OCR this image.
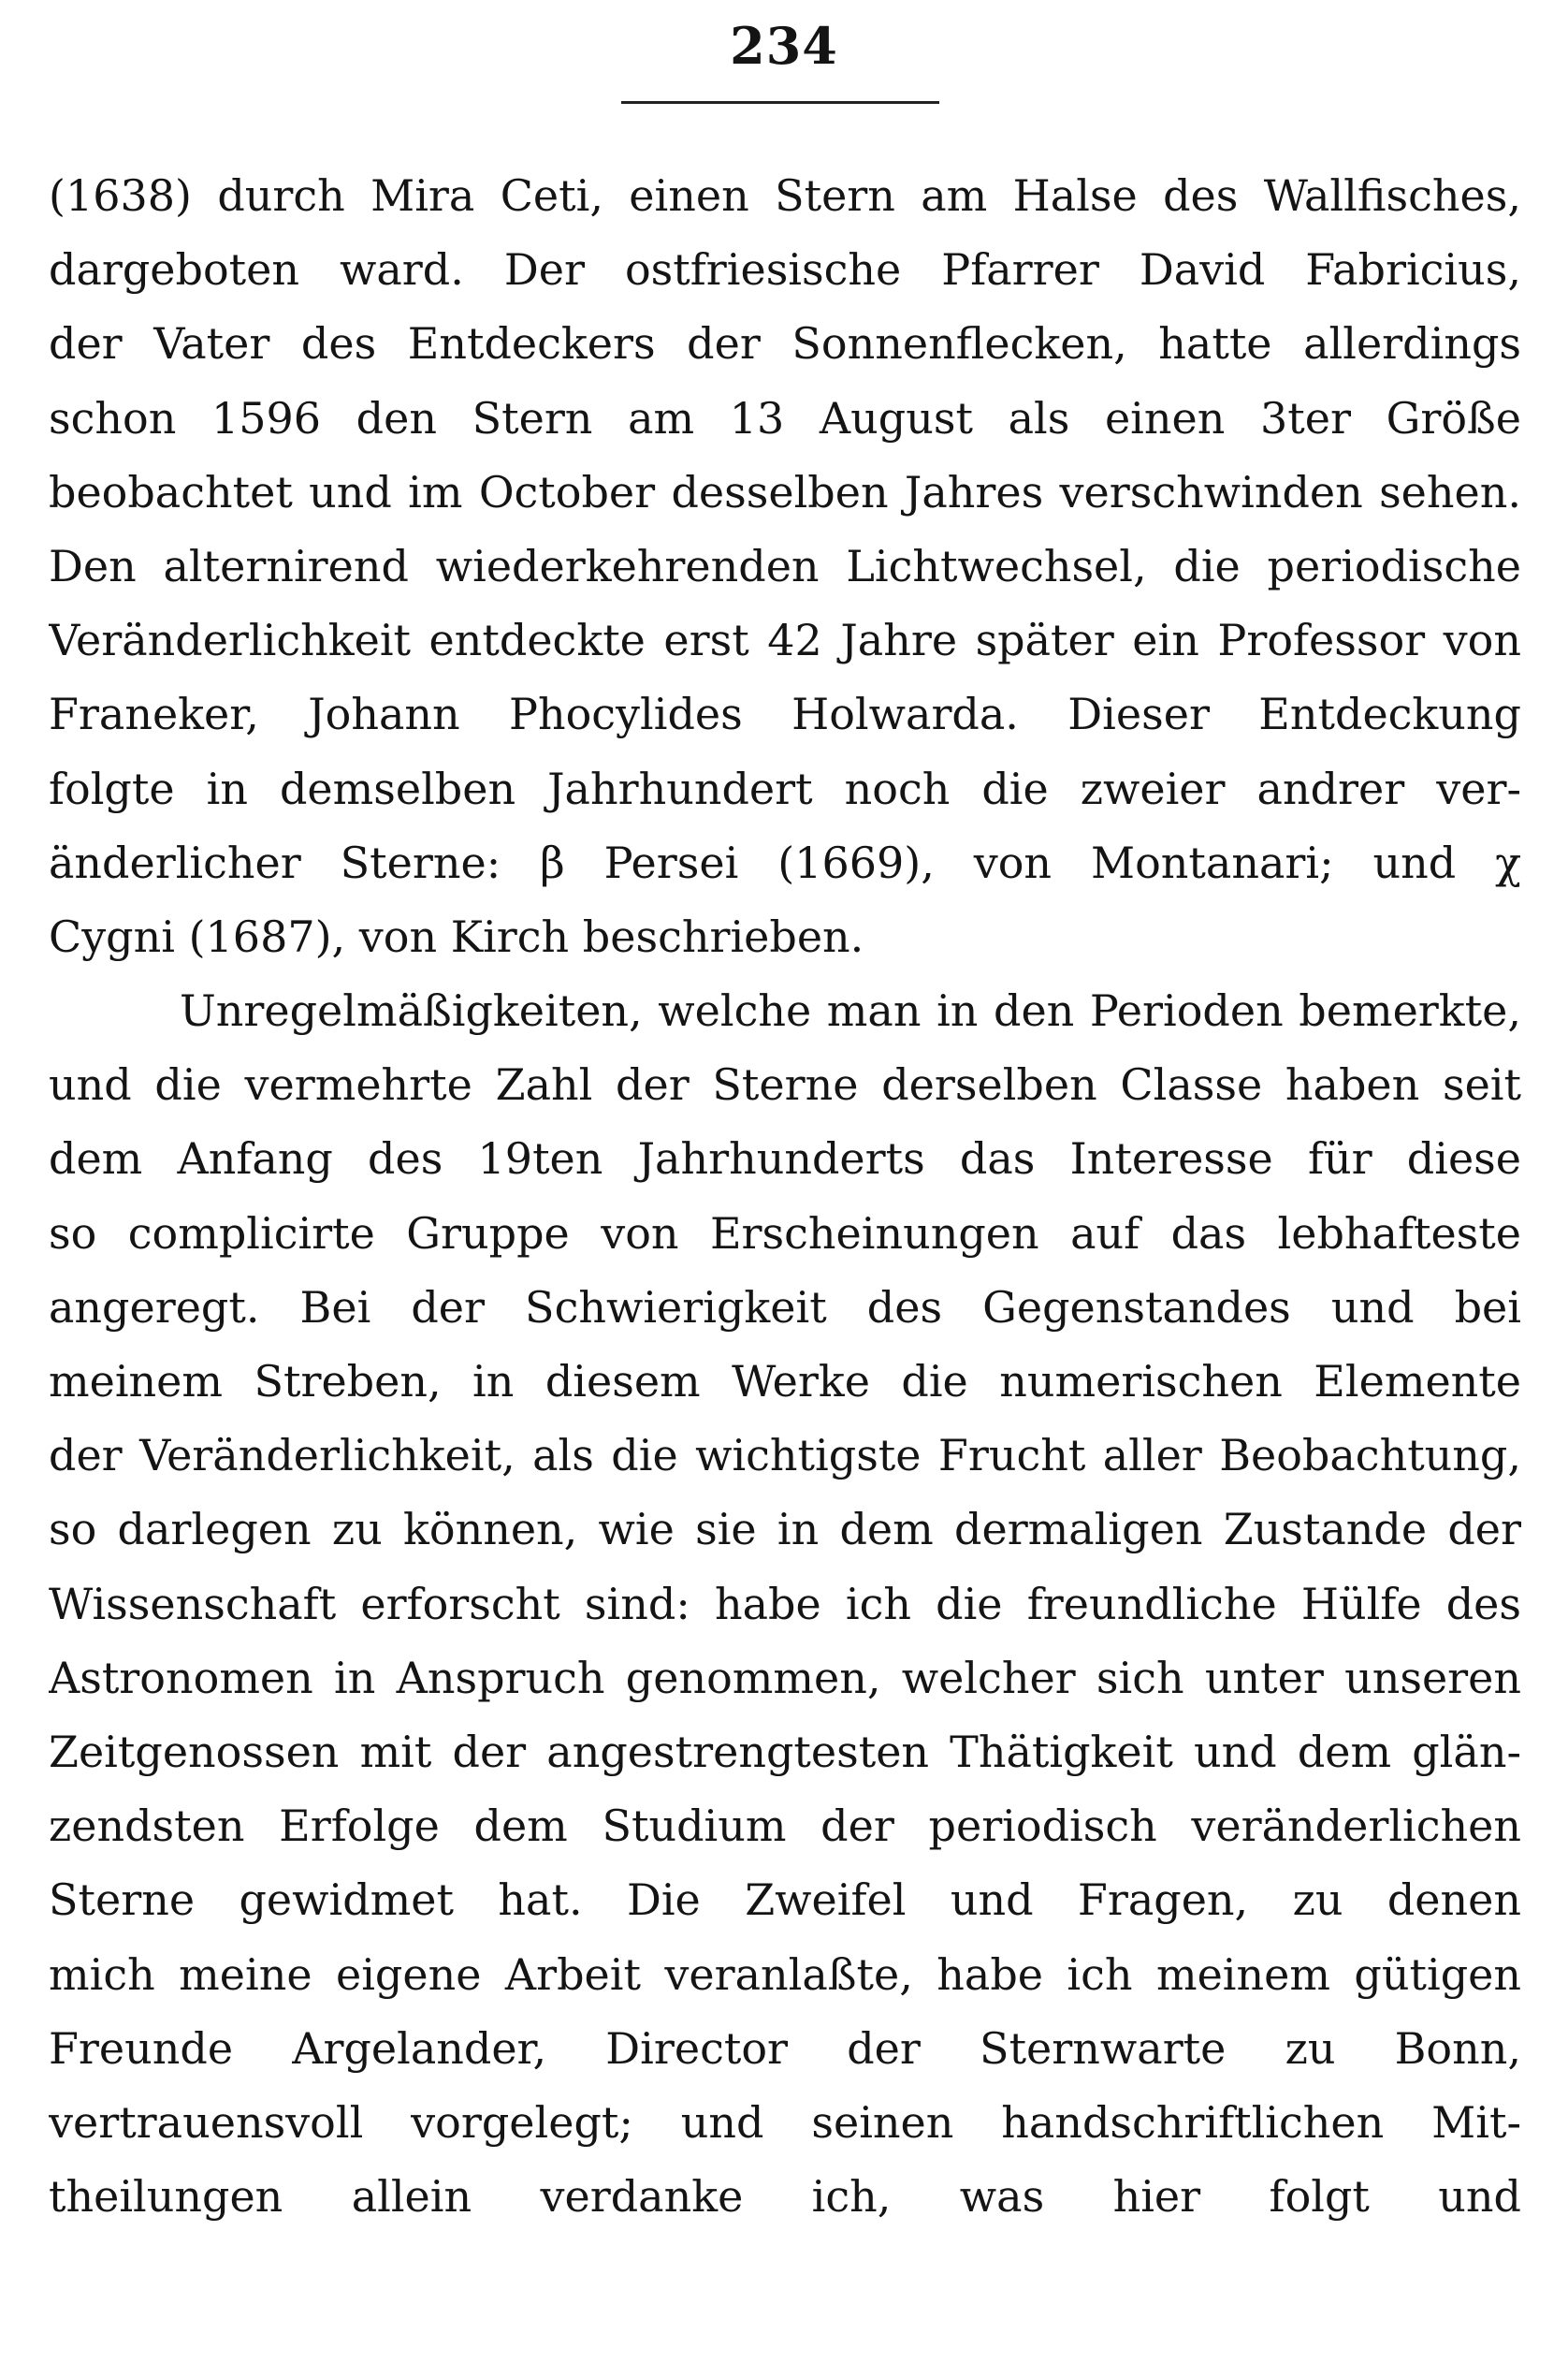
234
(1638) durch Mira Ceti, einen Stern am Halse des Wallfisches,
dargeboten ward. Der ostfriesische Pfarrer David Fabricius,
der Vater des Entdeckers der Sonnenflecken, hatte allerdings
schon 1596 den Stern am 13 August als einen 3ter Größe
beobachtet und im October desselben Jahres verschwinden sehen.
Den alternirend wiederkehrenden Lichtwechsel, die periodische
Veränderlichkeit entdeckte erst 42 Jahre später ein Professor von
Franeker, Johann Phocylides Holwarda. Dieser Entdeckung
folgte in demselben Jahrhundert noch die zweier andrer ver-
änderlicher Sterne: β Persei (1669), von Montanari; und χ
Cygni (1687), von Kirch beschrieben.
Unregelmäßigkeiten, welche man in den Perioden bemerkte,
und die vermehrte Zahl der Sterne derselben Classe haben seit
dem Anfang des 19ten Jahrhunderts das Interesse für diese
so complicirte Gruppe von Erscheinungen auf das lebhafteste
angeregt. Bei der Schwierigkeit des Gegenstandes und bei
meinem Streben, in diesem Werke die numerischen Elemente
der Veränderlichkeit, als die wichtigste Frucht aller Beobachtung,
so darlegen zu können, wie sie in dem dermaligen Zustande der
Wissenschaft erforscht sind: habe ich die freundliche Hülfe des
Astronomen in Anspruch genommen, welcher sich unter unseren
Zeitgenossen mit der angestrengtesten Thätigkeit und dem glän-
zendsten Erfolge dem Studium der periodisch veränderlichen
Sterne gewidmet hat. Die Zweifel und Fragen, zu denen
mich meine eigene Arbeit veranlaßte, habe ich meinem gütigen
Freunde Argelander, Director der Sternwarte zu Bonn,
vertrauensvoll vorgelegt; und seinen handschriftlichen Mit-
theilungen allein verdanke ich, was hier folgt und
